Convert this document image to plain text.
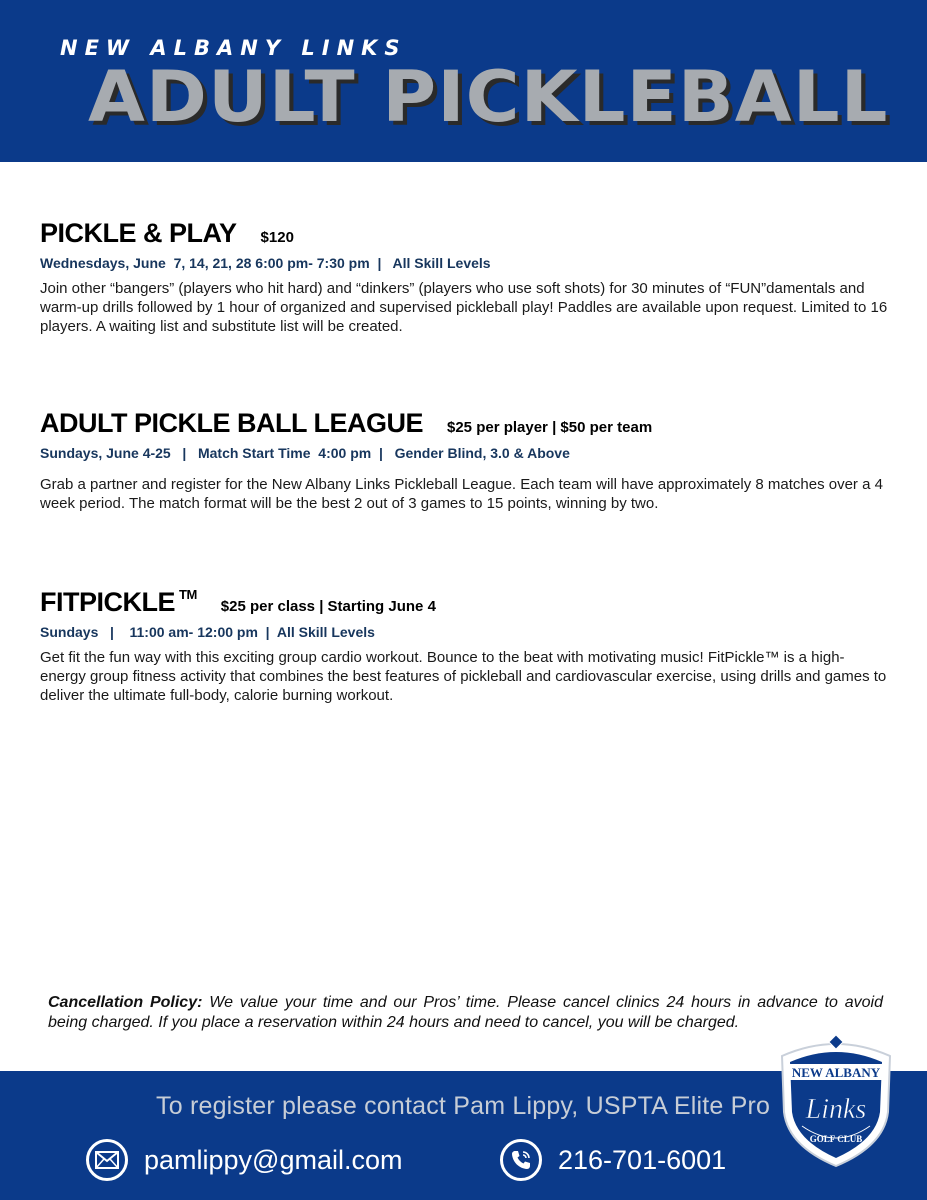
NEW ALBANY LINKS
ADULT PICKLEBALL
PICKLE & PLAY $120
Wednesdays, June  7, 14, 21, 28 6:00 pm- 7:30 pm  |   All Skill Levels
Join other “bangers” (players who hit hard) and “dinkers” (players who use soft shots) for 30 minutes of “FUN”damentals and warm-up drills followed by 1 hour of organized and supervised pickleball play! Paddles are available upon request. Limited to 16 players. A waiting list and substitute list will be created.
ADULT PICKLE BALL LEAGUE $25 per player | $50 per team
Sundays, June 4-25   |   Match Start Time  4:00 pm  |   Gender Blind, 3.0 & Above
Grab a partner and register for the New Albany Links Pickleball League. Each team will have approximately 8 matches over a 4 week period. The match format will be the best 2 out of 3 games to 15 points, winning by two.
FITPICKLE ™
$25 per class | Starting June 4
Sundays   |    11:00 am- 12:00 pm  |  All Skill Levels
Get fit the fun way with this exciting group cardio workout. Bounce to the beat with motivating music! FitPickle™ is a high-energy group fitness activity that combines the best features of pickleball and cardiovascular exercise, using drills and games to deliver the ultimate full-body, calorie burning workout.
Cancellation Policy: We value your time and our Pros’ time. Please cancel clinics 24 hours in advance to avoid being charged. If you place a reservation within 24 hours and need to cancel, you will be charged.
To register please contact Pam Lippy, USPTA Elite Pro
pamlippy@gmail.com	216-701-6001
NEW ALBANY
Links
GOLF CLUB
